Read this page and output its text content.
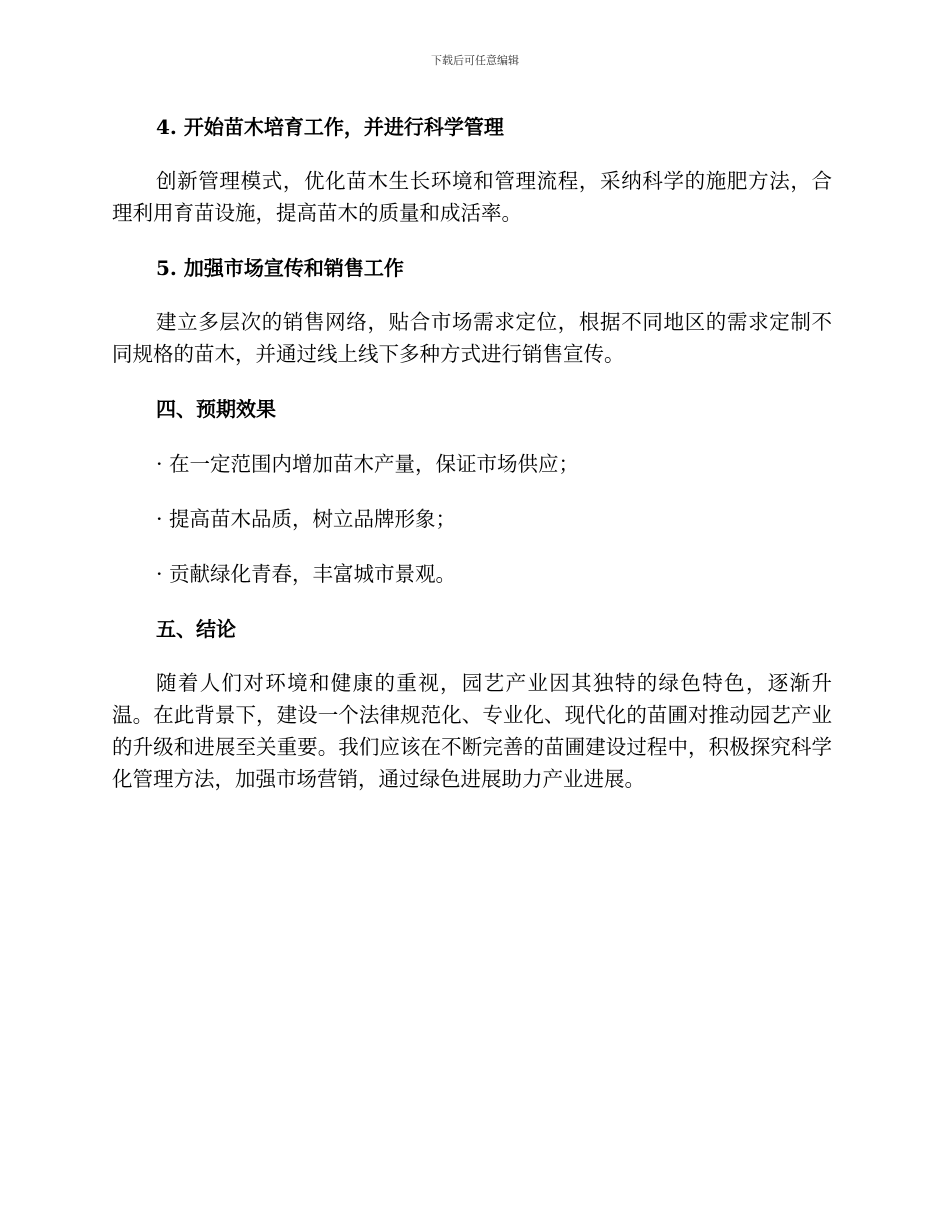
下载后可任意编辑
4. 开始苗木培育工作，并进行科学管理

创新管理模式，优化苗木生长环境和管理流程，采纳科学的施肥方法，合理利用育苗设施，提高苗木的质量和成活率。

5. 加强市场宣传和销售工作

建立多层次的销售网络，贴合市场需求定位，根据不同地区的需求定制不同规格的苗木，并通过线上线下多种方式进行销售宣传。

四、预期效果

· 在一定范围内增加苗木产量，保证市场供应；

· 提高苗木品质，树立品牌形象；

· 贡献绿化青春，丰富城市景观。

五、结论

随着人们对环境和健康的重视，园艺产业因其独特的绿色特色，逐渐升温。在此背景下，建设一个法律规范化、专业化、现代化的苗圃对推动园艺产业的升级和进展至关重要。我们应该在不断完善的苗圃建设过程中，积极探究科学化管理方法，加强市场营销，通过绿色进展助力产业进展。
